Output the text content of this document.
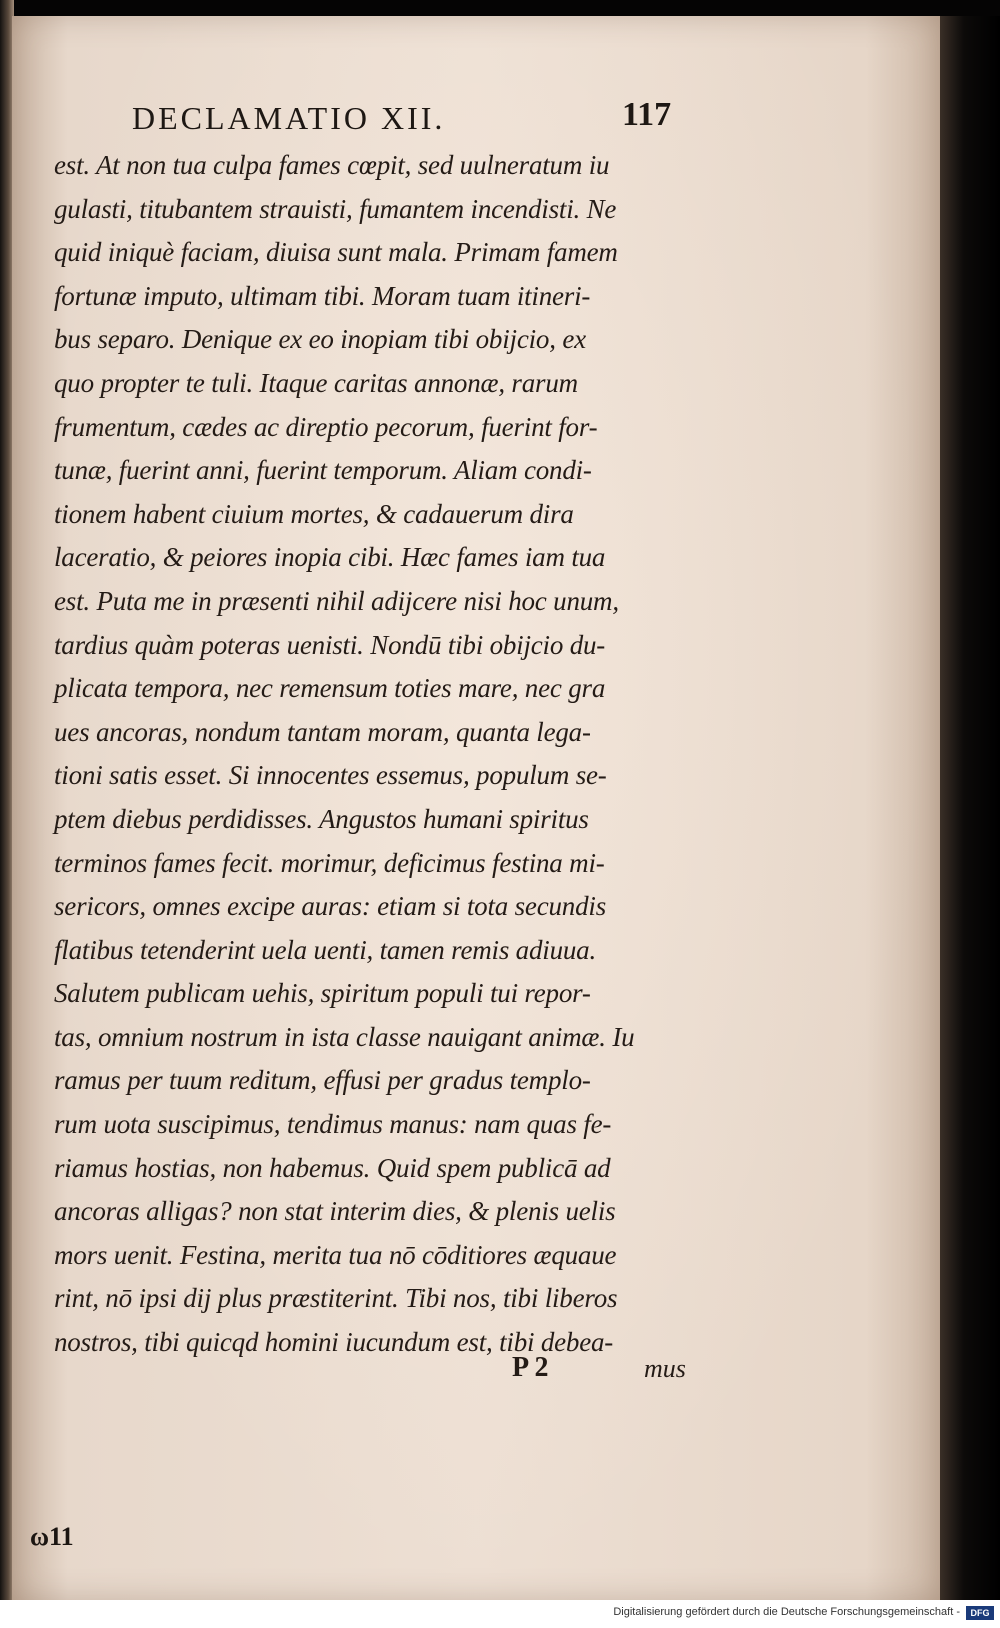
DECLAMATIO XII.	117
est. At non tua culpa fames cœpit, sed uulneratum iu
gulasti, titubantem strauisti, fumantem incendisti. Ne
quid iniquè faciam, diuisa sunt mala. Primam famem
fortunæ imputo, ultimam tibi. Moram tuam itineri-
bus separo. Denique ex eo inopiam tibi obijcio, ex
quo propter te tuli. Itaque caritas annonæ, rarum
frumentum, cædes ac direptio pecorum, fuerint for-
tunæ, fuerint anni, fuerint temporum. Aliam condi-
tionem habent ciuium mortes, & cadauerum dira
laceratio, & peiores inopia cibi. Hæc fames iam tua
est. Puta me in præsenti nihil adijcere nisi hoc unum,
tardius quàm poteras uenisti. Nondū tibi obijcio du-
plicata tempora, nec remensum toties mare, nec gra
ues ancoras, nondum tantam moram, quanta lega-
tioni satis esset. Si innocentes essemus, populum se-
ptem diebus perdidisses. Angustos humani spiritus
terminos fames fecit. morimur, deficimus festina mi-
sericors, omnes excipe auras: etiam si tota secundis
flatibus tetenderint uela uenti, tamen remis adiuua.
Salutem publicam uehis, spiritum populi tui repor-
tas, omnium nostrum in ista classe nauigant animæ. Iu
ramus per tuum reditum, effusi per gradus templo-
rum uota suscipimus, tendimus manus: nam quas fe-
riamus hostias, non habemus. Quid spem publicā ad
ancoras alligas? non stat interim dies, & plenis uelis
mors uenit. Festina, merita tua nō cōditiores æquaue
rint, nō ipsi dij plus præstiterint. Tibi nos, tibi liberos
nostros, tibi quicqd homini iucundum est, tibi debea-
P 2	mus
ω11
Digitalisierung gefördert durch die Deutsche Forschungsgemeinschaft -	DFG
